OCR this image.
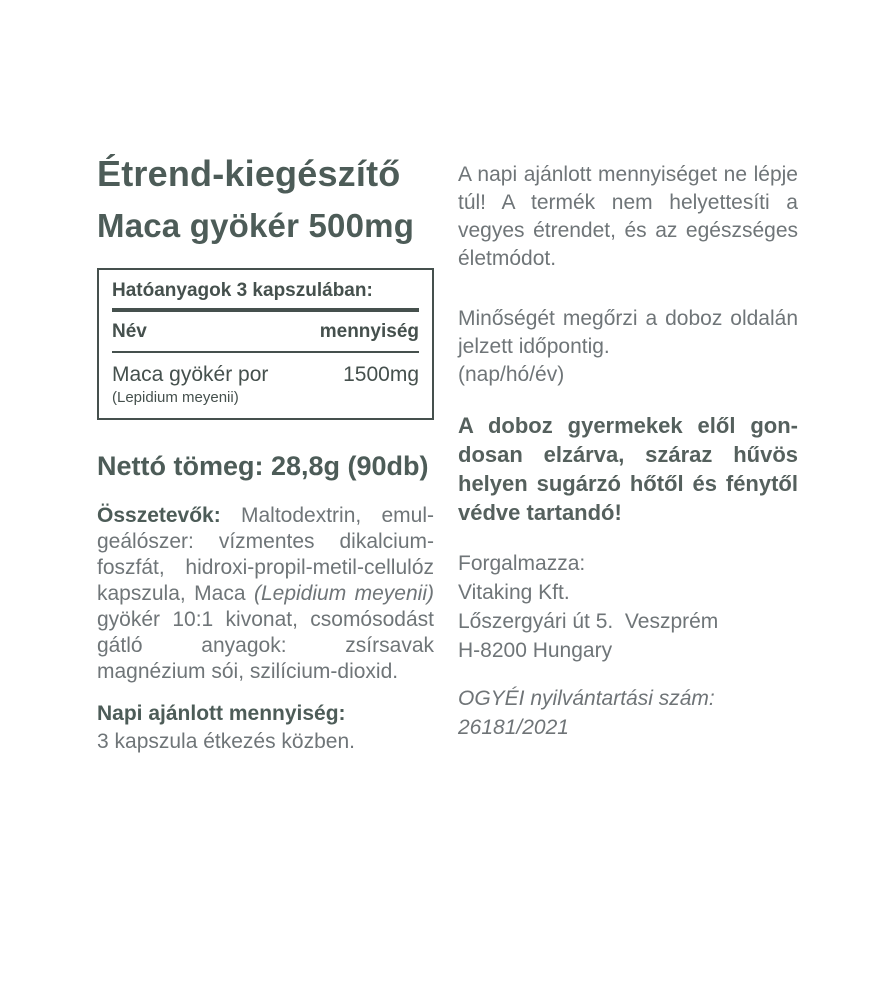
Étrend-kiegészítő
Maca gyökér 500mg
Hatóanyagok 3 kapszulában:
Név	mennyiség
Maca gyökér por
(Lepidium meyenii)
1500mg
Nettó tömeg: 28,8g (90db)

Összetevők: Maltodextrin, emulgeálószer: vízmentes dikalcium-foszfát, hidroxi-propil-metil-cellulóz kapszula, Maca (Lepidium meyenii) gyökér 10:1 kivonat, csomósodást gátló anyagok: zsírsavak magnézium sói, szilícium-dioxid.

Napi ajánlott mennyiség:
3 kapszula étkezés közben.

A napi ajánlott mennyiséget ne lépje túl! A termék nem helyettesíti a vegyes étrendet, és az egészséges életmódot.

Minőségét megőrzi a doboz oldalán jelzett időpontig.

(nap/hó/év)

A doboz gyermekek elől gondosan elzárva, száraz hűvös helyen sugárzó hőtől és fénytől védve tartandó!

Forgalmazza:
Vitaking Kft.
Lőszergyári út 5.  Veszprém
H-8200 Hungary
OGYÉI nyilvántartási szám:
26181/2021
